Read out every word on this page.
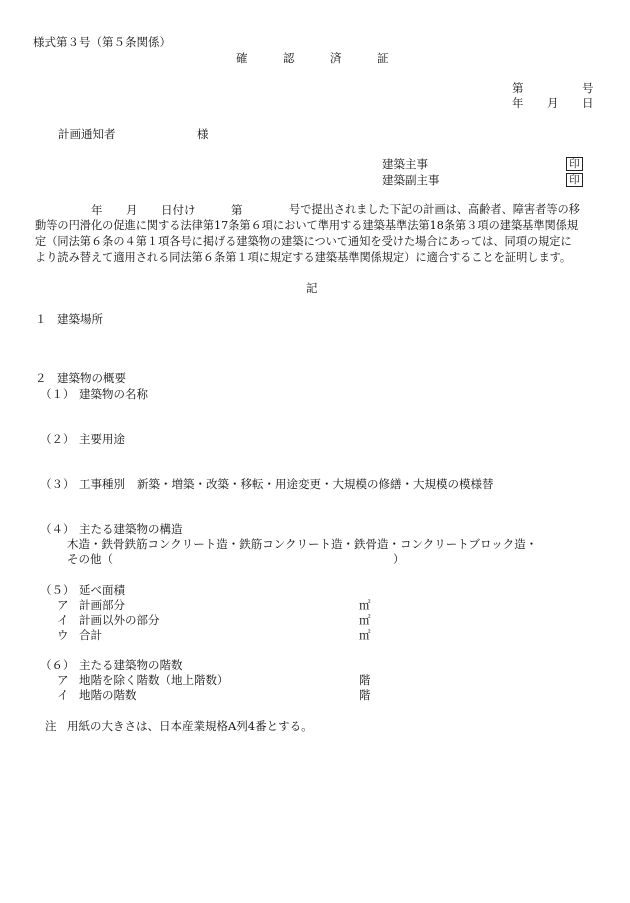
様式第３号（第５条関係）
確	認	済	証
第	号
年 月 日
計画通知者	様
建築主事	印
建築副主事	印
年 月 日付け	第	号で提出されました下記の計画は、高齢者、障害者等の移
動等の円滑化の促進に関する法律第17条第６項において準用する建築基準法第18条第３項の建築基準関係規
定（同法第６条の４第１項各号に掲げる建築物の建築について通知を受けた場合にあっては、同項の規定に
より読み替えて適用される同法第６条第１項に規定する建築基準関係規定）に適合することを証明します。
記
１ 建築場所
２ 建築物の概要
（１） 建築物の名称
（２） 主要用途
（３） 工事種別 新築・増築・改築・移転・用途変更・大規模の修繕・大規模の模様替
（４） 主たる建築物の構造
木造・鉄骨鉄筋コンクリート造・鉄筋コンクリート造・鉄骨造・コンクリートブロック造・
その他（	）
（５） 延べ面積
ア 計画部分	㎡
イ 計画以外の部分	㎡
ウ 合計	㎡
（６） 主たる建築物の階数
ア 地階を除く階数（地上階数）	階
イ 地階の階数	階
注 用紙の大きさは、日本産業規格A列4番とする。
